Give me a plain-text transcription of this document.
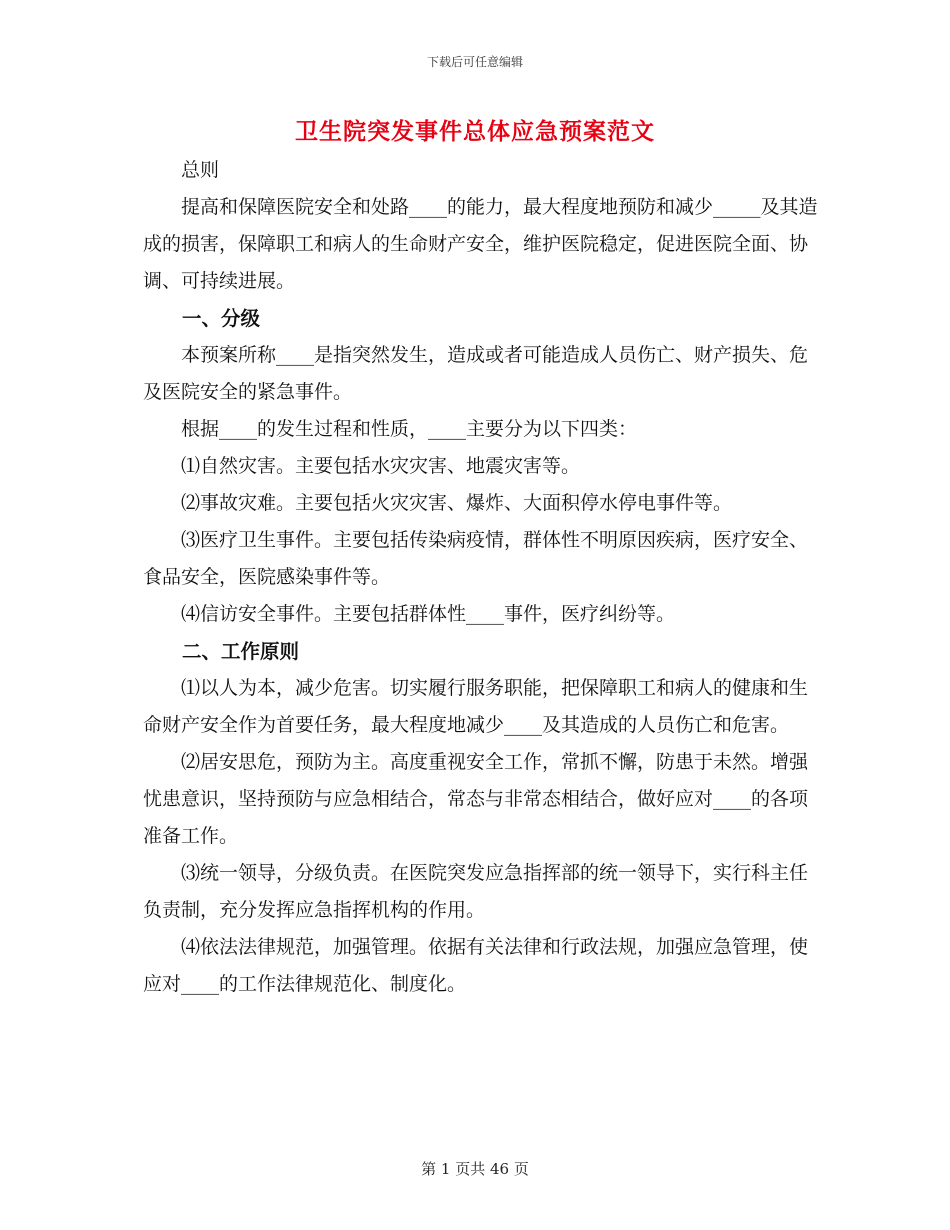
下载后可任意编辑
卫生院突发事件总体应急预案范文

总则

提高和保障医院安全和处路____的能力，最大程度地预防和减少_____及其造成的损害，保障职工和病人的生命财产安全，维护医院稳定，促进医院全面、协调、可持续进展。

一、分级

本预案所称____是指突然发生，造成或者可能造成人员伤亡、财产损失、危及医院安全的紧急事件。

根据____的发生过程和性质，____主要分为以下四类：

⑴自然灾害。主要包括水灾灾害、地震灾害等。

⑵事故灾难。主要包括火灾灾害、爆炸、大面积停水停电事件等。

⑶医疗卫生事件。主要包括传染病疫情，群体性不明原因疾病，医疗安全、食品安全，医院感染事件等。

⑷信访安全事件。主要包括群体性____事件，医疗纠纷等。

二、工作原则

⑴以人为本，减少危害。切实履行服务职能，把保障职工和病人的健康和生命财产安全作为首要任务，最大程度地减少____及其造成的人员伤亡和危害。

⑵居安思危，预防为主。高度重视安全工作，常抓不懈，防患于未然。增强忧患意识，坚持预防与应急相结合，常态与非常态相结合，做好应对____的各项准备工作。

⑶统一领导，分级负责。在医院突发应急指挥部的统一领导下，实行科主任负责制，充分发挥应急指挥机构的作用。

⑷依法法律规范，加强管理。依据有关法律和行政法规，加强应急管理，使应对____的工作法律规范化、制度化。

第 1 页共 46 页
